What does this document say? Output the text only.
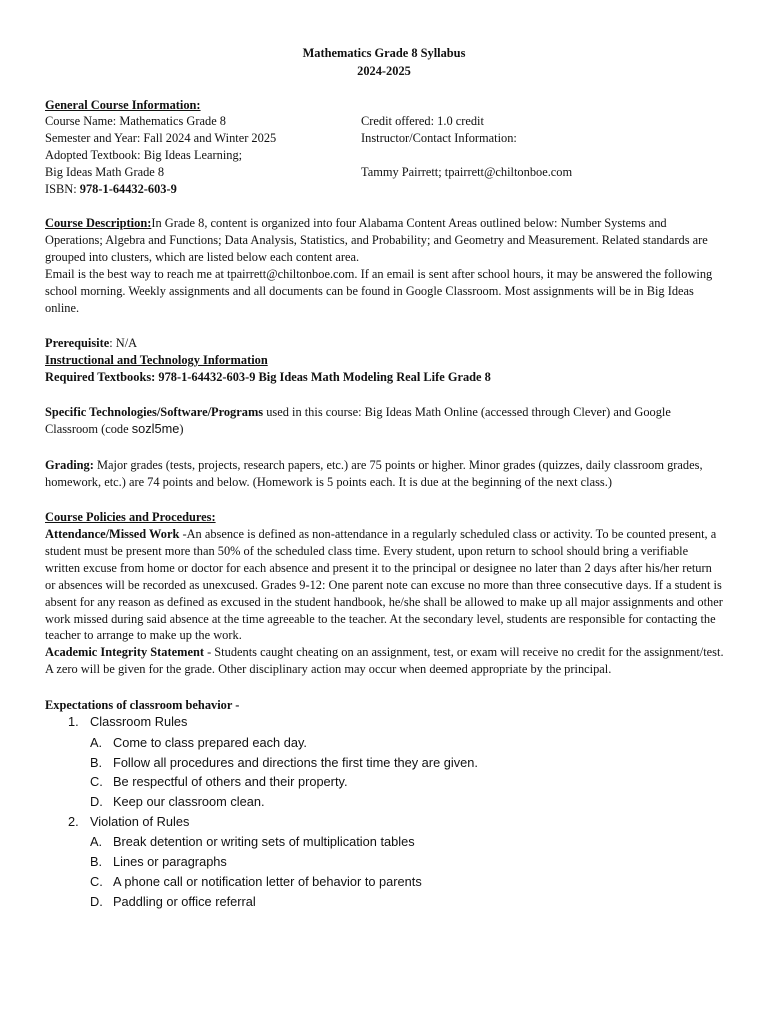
Mathematics Grade 8 Syllabus
2024-2025
General Course Information:
Course Name: Mathematics Grade 8
Semester and Year: Fall 2024 and Winter 2025
Adopted Textbook: Big Ideas Learning;
Big Ideas Math Grade 8
ISBN: 978-1-64432-603-9
Credit offered: 1.0 credit
Instructor/Contact Information:
Tammy Pairrett; tpairrett@chiltonboe.com
Course Description:In Grade 8, content is organized into four Alabama Content Areas outlined below: Number Systems and Operations; Algebra and Functions; Data Analysis, Statistics, and Probability; and Geometry and Measurement. Related standards are grouped into clusters, which are listed below each content area.
Email is the best way to reach me at tpairrett@chiltonboe.com. If an email is sent after school hours, it may be answered the following school morning. Weekly assignments and all documents can be found in Google Classroom. Most assignments will be in Big Ideas online.
Prerequisite: N/A
Instructional and Technology Information
Required Textbooks: 978-1-64432-603-9 Big Ideas Math Modeling Real Life Grade 8
Specific Technologies/Software/Programs used in this course: Big Ideas Math Online (accessed through Clever) and Google Classroom (code sozl5me)
Grading: Major grades (tests, projects, research papers, etc.) are 75 points or higher. Minor grades (quizzes, daily classroom grades, homework, etc.) are 74 points and below. (Homework is 5 points each. It is due at the beginning of the next class.)
Course Policies and Procedures:
Attendance/Missed Work -An absence is defined as non-attendance in a regularly scheduled class or activity. To be counted present, a student must be present more than 50% of the scheduled class time. Every student, upon return to school should bring a verifiable written excuse from home or doctor for each absence and present it to the principal or designee no later than 2 days after his/her return or absences will be recorded as unexcused. Grades 9-12: One parent note can excuse no more than three consecutive days. If a student is absent for any reason as defined as excused in the student handbook, he/she shall be allowed to make up all major assignments and other work missed during said absence at the time agreeable to the teacher. At the secondary level, students are responsible for contacting the teacher to arrange to make up the work.
Academic Integrity Statement - Students caught cheating on an assignment, test, or exam will receive no credit for the assignment/test. A zero will be given for the grade. Other disciplinary action may occur when deemed appropriate by the principal.
Expectations of classroom behavior -
1. Classroom Rules
A. Come to class prepared each day.
B. Follow all procedures and directions the first time they are given.
C. Be respectful of others and their property.
D. Keep our classroom clean.
2. Violation of Rules
A. Break detention or writing sets of multiplication tables
B. Lines or paragraphs
C. A phone call or notification letter of behavior to parents
D. Paddling or office referral
